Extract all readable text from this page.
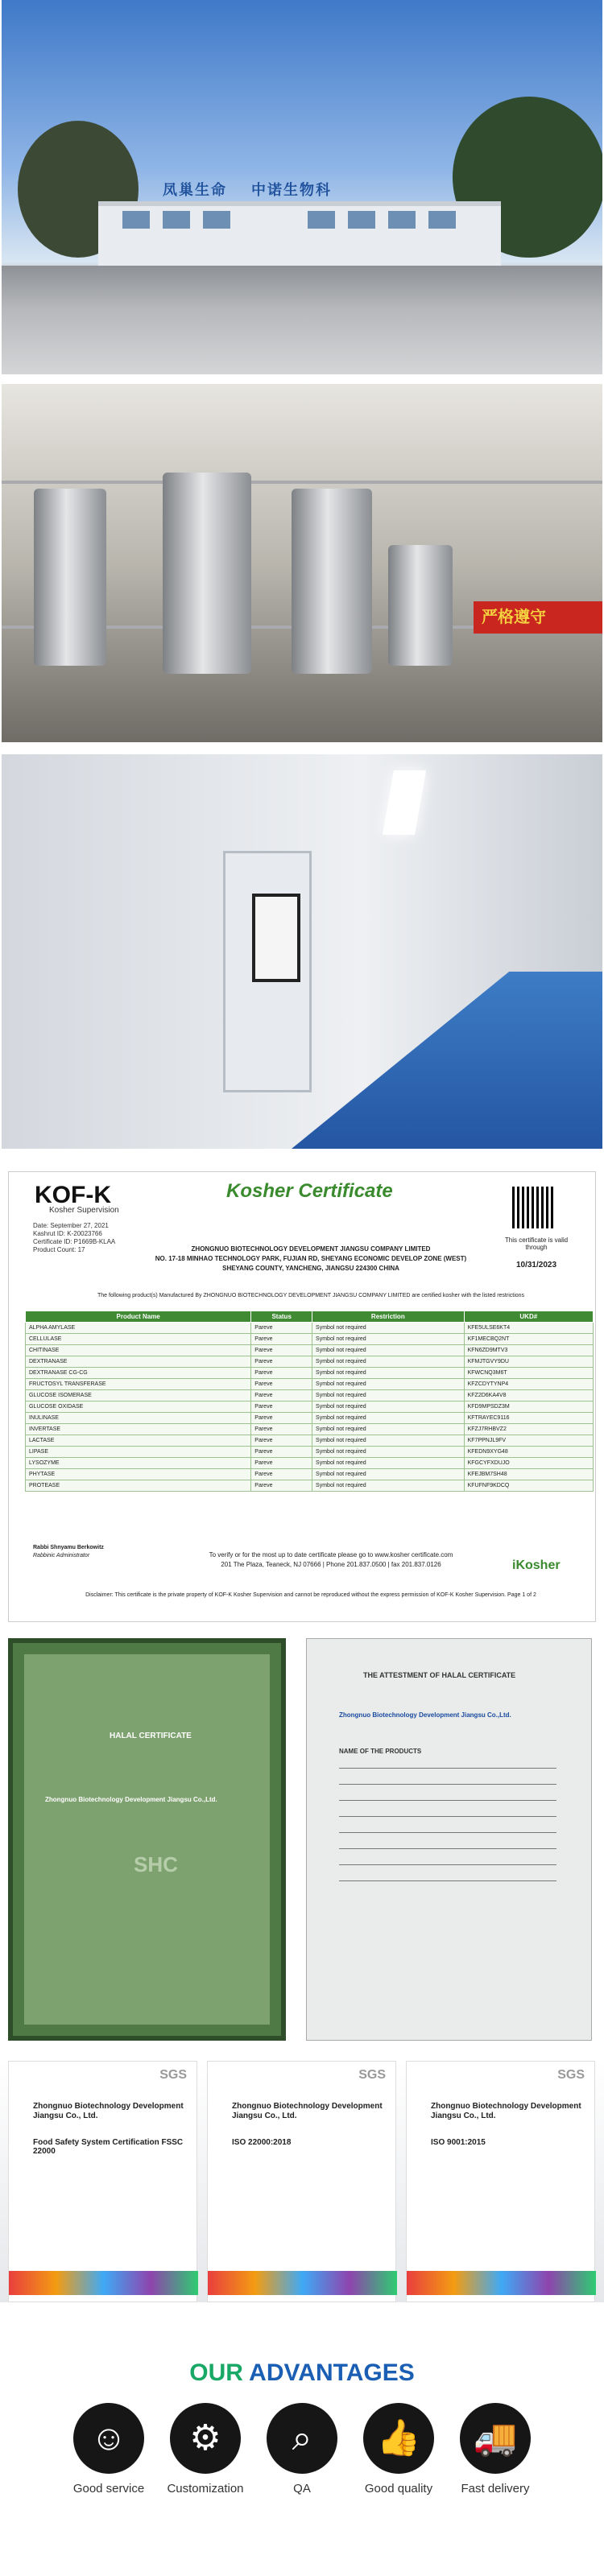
凤巢生命 中诺生物科
严格遵守
KOF-K
Kosher Supervision
Kosher Certificate
Date: September 27, 2021
Kashrut ID: K-20023766
Certificate ID: P1669B-KLAA
Product Count: 17	ZHONGNUO BIOTECHNOLOGY DEVELOPMENT JIANGSU COMPANY LIMITED
NO. 17-18 MINHAO TECHNOLOGY PARK, FUJIAN RD, SHEYANG ECONOMIC DEVELOP ZONE (WEST)
SHEYANG COUNTY, YANCHENG, JIANGSU 224300 CHINA
This certificate is valid through
10/31/2023
The following product(s) Manufactured By ZHONGNUO BIOTECHNOLOGY DEVELOPMENT JIANGSU COMPANY LIMITED are certified kosher with the listed restrictions
Product Name	Status	Restriction	UKD#
ALPHA AMYLASE	Pareve	Symbol not required	KFE5ULSE6KT4
CELLULASE	Pareve	Symbol not required	KF1MECBQ2NT
CHITINASE	Pareve	Symbol not required	KFN6ZD9MTV3
DEXTRANASE	Pareve	Symbol not required	KFMJTGVY9DU
DEXTRANASE CG-CG	Pareve	Symbol not required	KFWCNQ3M6T
FRUCTOSYL TRANSFERASE	Pareve	Symbol not required	KFZCDYTYNP4
GLUCOSE ISOMERASE	Pareve	Symbol not required	KFZ2D6KA4V8
GLUCOSE OXIDASE	Pareve	Symbol not required	KFD9MPSDZ3M
INULINASE	Pareve	Symbol not required	KFTRAYEC9116
INVERTASE	Pareve	Symbol not required	KFZJ7RHBVZ2
LACTASE	Pareve	Symbol not required	KF7PPNJL9FV
LIPASE	Pareve	Symbol not required	KFEDN9XYG48
LYSOZYME	Pareve	Symbol not required	KFGCYFXDUJO
PHYTASE	Pareve	Symbol not required	KFEJBM7SH48
PROTEASE	Pareve	Symbol not required	KFUFNF9KDCQ
Rabbi Shnyamu Berkowitz
Rabbinic Administrator	To verify or for the most up to date certificate please go to www.kosher certificate.com
201 The Plaza, Teaneck, NJ 07666 | Phone 201.837.0500 | fax 201.837.0126	iKosher
Disclaimer: This certificate is the private property of KOF-K Kosher Supervision and cannot be reproduced without the express permission of KOF-K Kosher Supervision. Page 1 of 2
HALAL CERTIFICATE
Zhongnuo Biotechnology Development Jiangsu Co.,Ltd.
SHC
THE ATTESTMENT OF HALAL CERTIFICATE
Zhongnuo Biotechnology Development Jiangsu Co.,Ltd.
NAME OF THE PRODUCTS
SGS
Zhongnuo Biotechnology Development Jiangsu Co., Ltd.
Food Safety System Certification FSSC 22000
SGS
Zhongnuo Biotechnology Development Jiangsu Co., Ltd.
ISO 22000:2018
SGS
Zhongnuo Biotechnology Development Jiangsu Co., Ltd.
ISO 9001:2015
OUR ADVANTAGES
☺
Good service
⚙
Customization
⌕
QA
👍
Good quality
🚚
Fast delivery
